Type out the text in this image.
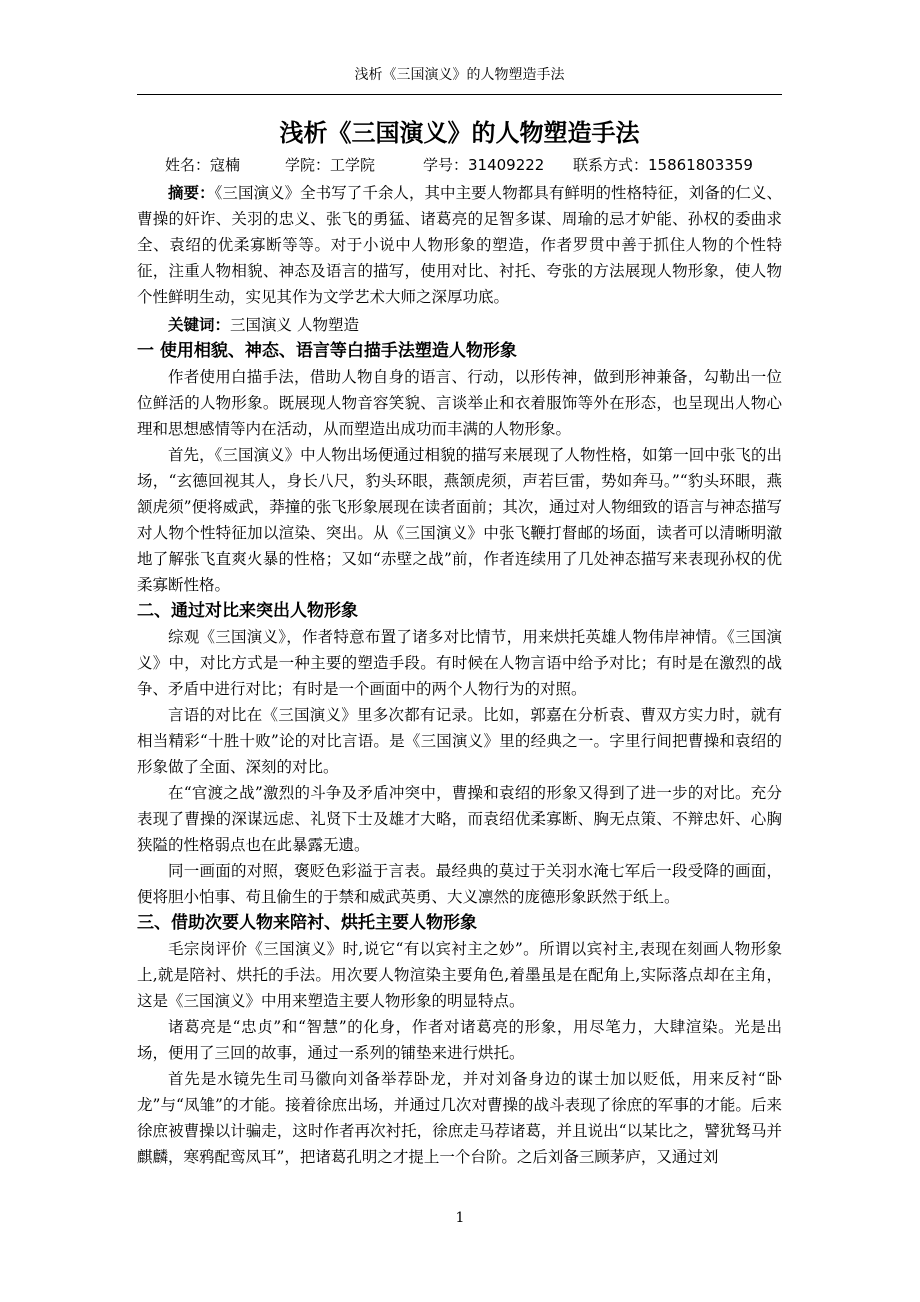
浅析《三国演义》的人物塑造手法
浅析《三国演义》的人物塑造手法
姓名：寇楠	学院：工学院	学号：31409222 联系方式：15861803359

摘要：《三国演义》全书写了千余人，其中主要人物都具有鲜明的性格特征，刘备的仁义、曹操的奸诈、关羽的忠义、张飞的勇猛、诸葛亮的足智多谋、周瑜的忌才妒能、孙权的委曲求全、袁绍的优柔寡断等等。对于小说中人物形象的塑造，作者罗贯中善于抓住人物的个性特征，注重人物相貌、神态及语言的描写，使用对比、衬托、夸张的方法展现人物形象，使人物个性鲜明生动，实见其作为文学艺术大师之深厚功底。

关键词：三国演义 人物塑造

一 使用相貌、神态、语言等白描手法塑造人物形象

作者使用白描手法，借助人物自身的语言、行动，以形传神，做到形神兼备，勾勒出一位位鲜活的人物形象。既展现人物音容笑貌、言谈举止和衣着服饰等外在形态，也呈现出人物心理和思想感情等内在活动，从而塑造出成功而丰满的人物形象。

首先，《三国演义》中人物出场便通过相貌的描写来展现了人物性格，如第一回中张飞的出场，“玄德回视其人，身长八尺，豹头环眼，燕颔虎须，声若巨雷，势如奔马。”“豹头环眼，燕颔虎须”便将威武，莽撞的张飞形象展现在读者面前；其次，通过对人物细致的语言与神态描写对人物个性特征加以渲染、突出。从《三国演义》中张飞鞭打督邮的场面，读者可以清晰明澈地了解张飞直爽火暴的性格；又如“赤壁之战”前，作者连续用了几处神态描写来表现孙权的优柔寡断性格。

二、通过对比来突出人物形象

综观《三国演义》，作者特意布置了诸多对比情节，用来烘托英雄人物伟岸神情。《三国演义》中，对比方式是一种主要的塑造手段。有时候在人物言语中给予对比；有时是在激烈的战争、矛盾中进行对比；有时是一个画面中的两个人物行为的对照。

言语的对比在《三国演义》里多次都有记录。比如，郭嘉在分析袁、曹双方实力时，就有相当精彩“十胜十败”论的对比言语。是《三国演义》里的经典之一。字里行间把曹操和袁绍的形象做了全面、深刻的对比。

在“官渡之战”激烈的斗争及矛盾冲突中，曹操和袁绍的形象又得到了进一步的对比。充分表现了曹操的深谋远虑、礼贤下士及雄才大略，而袁绍优柔寡断、胸无点策、不辩忠奸、心胸狭隘的性格弱点也在此暴露无遗。

同一画面的对照，褒贬色彩溢于言表。最经典的莫过于关羽水淹七军后一段受降的画面，便将胆小怕事、苟且偷生的于禁和威武英勇、大义凛然的庞德形象跃然于纸上。

三、借助次要人物来陪衬、烘托主要人物形象

毛宗岗评价《三国演义》时,说它“有以宾衬主之妙”。所谓以宾衬主,表现在刻画人物形象上,就是陪衬、烘托的手法。用次要人物渲染主要角色,着墨虽是在配角上,实际落点却在主角，这是《三国演义》中用来塑造主要人物形象的明显特点。

诸葛亮是“忠贞”和“智慧”的化身，作者对诸葛亮的形象，用尽笔力，大肆渲染。光是出场，便用了三回的故事，通过一系列的铺垫来进行烘托。

首先是水镜先生司马徽向刘备举荐卧龙，并对刘备身边的谋士加以贬低，用来反衬“卧龙”与“凤雏”的才能。接着徐庶出场，并通过几次对曹操的战斗表现了徐庶的军事的才能。后来徐庶被曹操以计骗走，这时作者再次衬托，徐庶走马荐诸葛，并且说出“以某比之，譬犹驽马并麒麟，寒鸦配鸾凤耳”，把诸葛孔明之才提上一个台阶。之后刘备三顾茅庐，又通过刘

1
